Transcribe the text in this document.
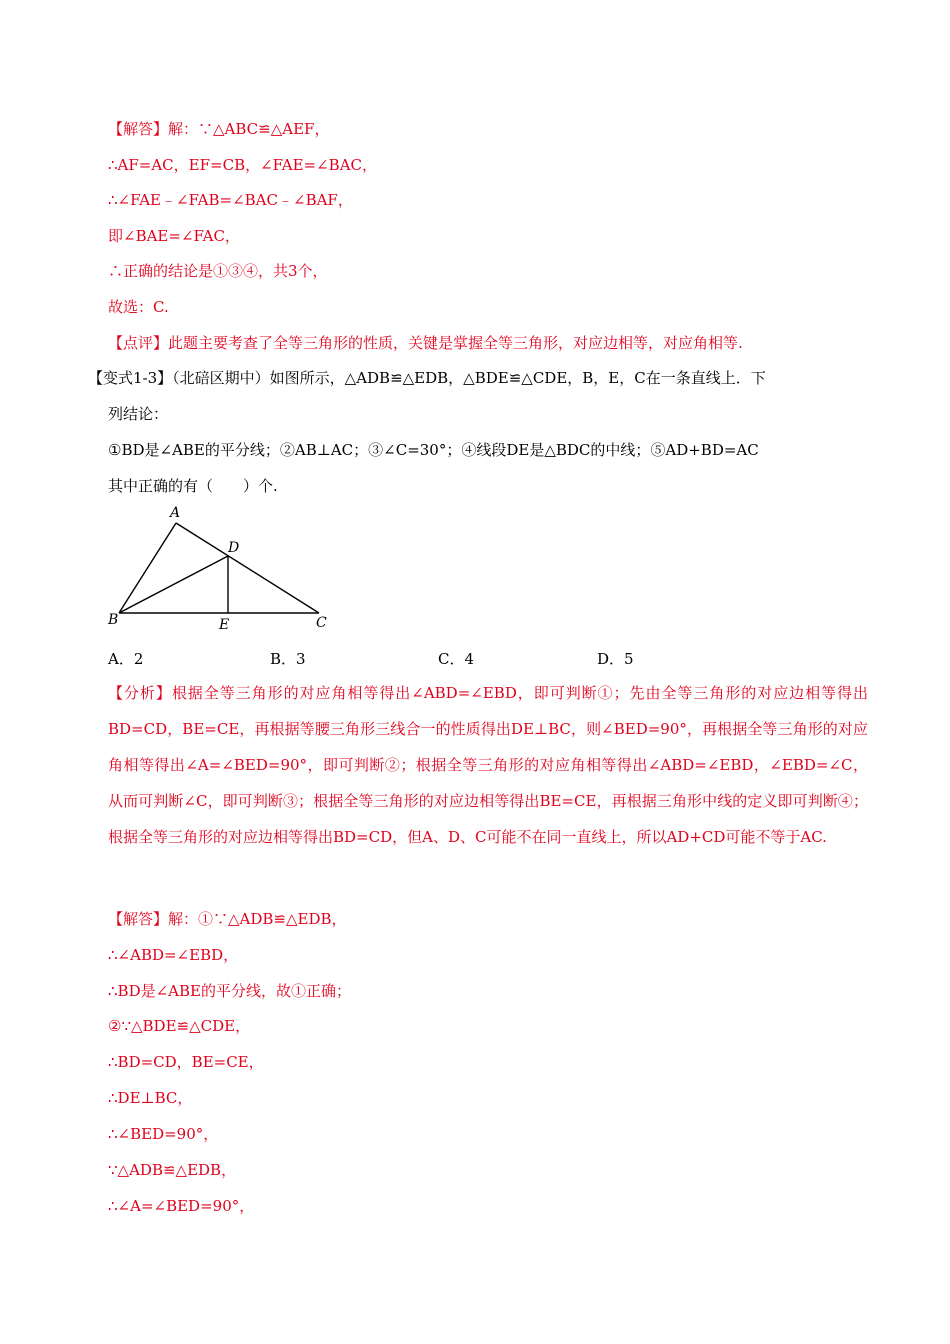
【解答】解：∵△ABC≌△AEF，
∴AF=AC，EF=CB，∠FAE=∠BAC，
∴∠FAE﹣∠FAB=∠BAC﹣∠BAF，
即∠BAE=∠FAC，
∴正确的结论是①③④，共3个，
故选：C.
【点评】此题主要考查了全等三角形的性质，关键是掌握全等三角形，对应边相等，对应角相等.
【变式1-3】（北碚区期中）如图所示，△ADB≌△EDB，△BDE≌△CDE，B，E，C在一条直线上．下
列结论：
①BD是∠ABE的平分线；②AB⊥AC；③∠C=30°；④线段DE是△BDC的中线；⑤AD+BD=AC
其中正确的有（　　）个.
A
B	C
D
E
A．2	B．3	C．4	D．5
【分析】根据全等三角形的对应角相等得出∠ABD=∠EBD，即可判断①；先由全等三角形的对应边相等得出BD=CD，BE=CE，再根据等腰三角形三线合一的性质得出DE⊥BC，则∠BED=90°，再根据全等三角形的对应角相等得出∠A=∠BED=90°，即可判断②；根据全等三角形的对应角相等得出∠ABD=∠EBD，∠EBD=∠C，从而可判断∠C，即可判断③；根据全等三角形的对应边相等得出BE=CE，再根据三角形中线的定义即可判断④；根据全等三角形的对应边相等得出BD=CD，但A、D、C可能不在同一直线上，所以AD+CD可能不等于AC.
【解答】解：①∵△ADB≌△EDB，
∴∠ABD=∠EBD，
∴BD是∠ABE的平分线，故①正确；
②∵△BDE≌△CDE，
∴BD=CD，BE=CE，
∴DE⊥BC，
∴∠BED=90°，
∵△ADB≌△EDB，
∴∠A=∠BED=90°，
